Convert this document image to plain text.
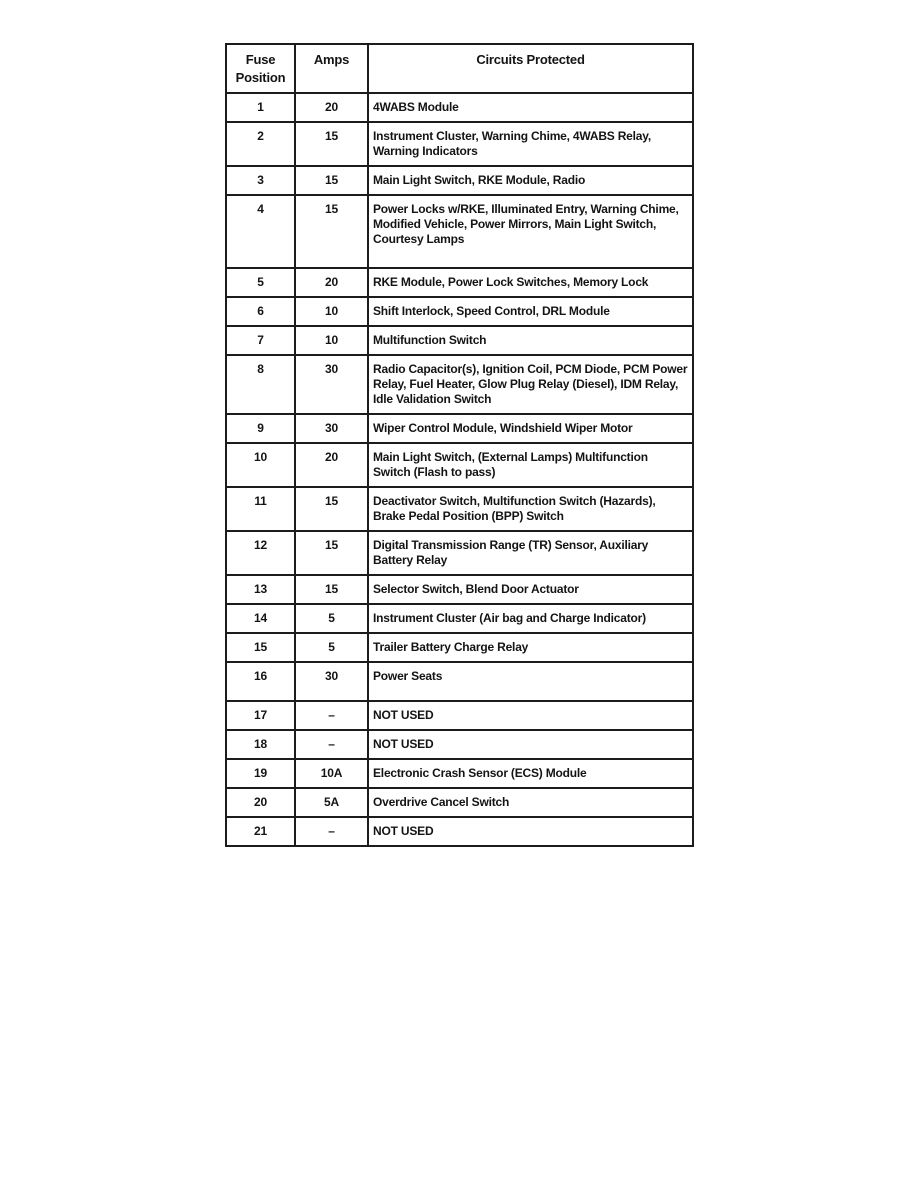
Fuse Position	Amps	Circuits Protected
1	20	4WABS Module
2	15	Instrument Cluster, Warning Chime, 4WABS Relay, Warning Indicators
3	15	Main Light Switch, RKE Module, Radio
4	15	Power Locks w/RKE, Illuminated Entry, Warning Chime, Modified Vehicle, Power Mirrors, Main Light Switch, Courtesy Lamps
5	20	RKE Module, Power Lock Switches, Memory Lock
6	10	Shift Interlock, Speed Control, DRL Module
7	10	Multifunction Switch
8	30	Radio Capacitor(s), Ignition Coil, PCM Diode, PCM Power Relay, Fuel Heater, Glow Plug Relay (Diesel), IDM Relay, Idle Validation Switch
9	30	Wiper Control Module, Windshield Wiper Motor
10	20	Main Light Switch, (External Lamps) Multifunction Switch (Flash to pass)
11	15	Deactivator Switch, Multifunction Switch (Hazards), Brake Pedal Position (BPP) Switch
12	15	Digital Transmission Range (TR) Sensor, Auxiliary Battery Relay
13	15	Selector Switch, Blend Door Actuator
14	5	Instrument Cluster (Air bag and Charge Indicator)
15	5	Trailer Battery Charge Relay
16	30	Power Seats
17	–	NOT USED
18	–	NOT USED
19	10A	Electronic Crash Sensor (ECS) Module
20	5A	Overdrive Cancel Switch
21	–	NOT USED
